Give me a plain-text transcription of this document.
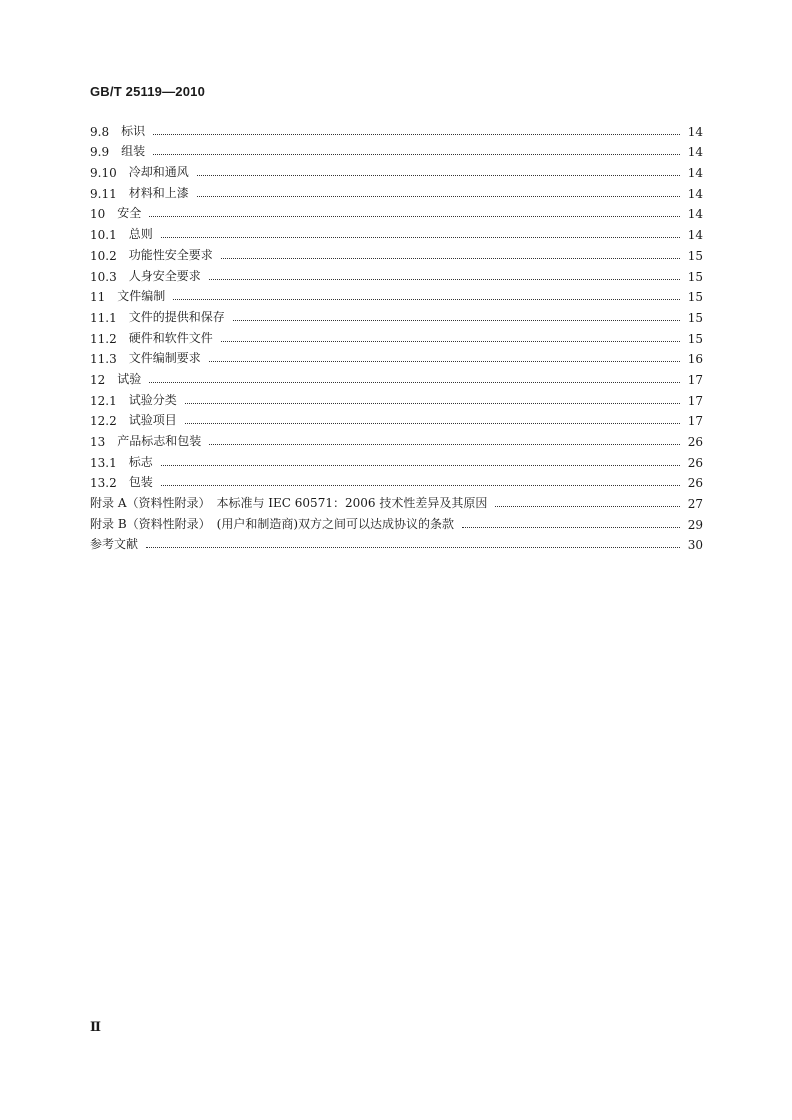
GB/T 25119—2010
9.8 标识	14
9.9 组装	14
9.10 冷却和通风	14
9.11 材料和上漆	14
10 安全	14
10.1 总则	14
10.2 功能性安全要求	15
10.3 人身安全要求	15
11 文件编制	15
11.1 文件的提供和保存	15
11.2 硬件和软件文件	15
11.3 文件编制要求	16
12 试验	17
12.1 试验分类	17
12.2 试验项目	17
13 产品标志和包装	26
13.1 标志	26
13.2 包装	26
附录 A（资料性附录）　本标准与 IEC 60571：2006 技术性差异及其原因	27
附录 B（资料性附录）　(用户和制造商)双方之间可以达成协议的条款	29
参考文献	30
Ⅱ
